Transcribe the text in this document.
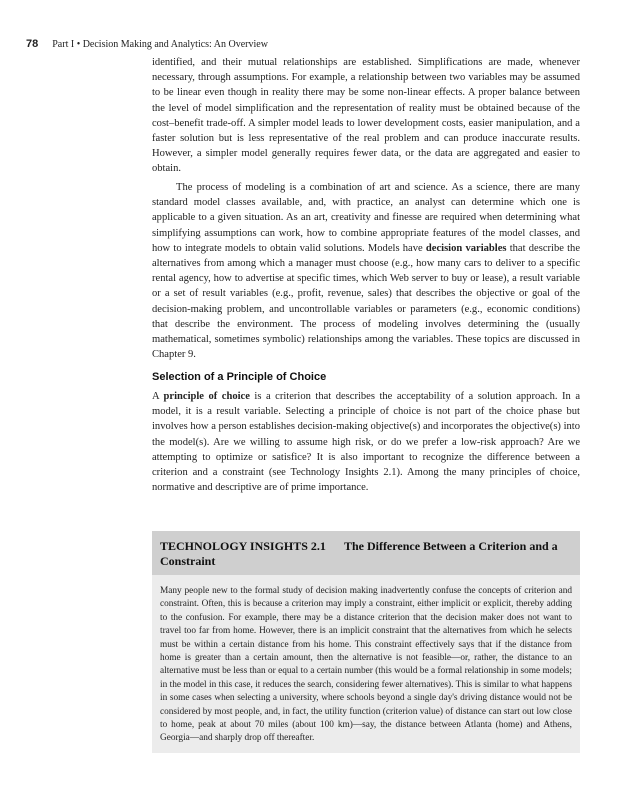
78 Part I • Decision Making and Analytics: An Overview

identified, and their mutual relationships are established. Simplifications are made, whenever necessary, through assumptions. For example, a relationship between two variables may be assumed to be linear even though in reality there may be some non-linear effects. A proper balance between the level of model simplification and the representation of reality must be obtained because of the cost–benefit trade-off. A simpler model leads to lower development costs, easier manipulation, and a faster solution but is less representative of the real problem and can produce inaccurate results. However, a simpler model generally requires fewer data, or the data are aggregated and easier to obtain.

The process of modeling is a combination of art and science. As a science, there are many standard model classes available, and, with practice, an analyst can determine which one is applicable to a given situation. As an art, creativity and finesse are required when determining what simplifying assumptions can work, how to combine appropriate features of the model classes, and how to integrate models to obtain valid solutions. Models have decision variables that describe the alternatives from among which a manager must choose (e.g., how many cars to deliver to a specific rental agency, how to advertise at specific times, which Web server to buy or lease), a result variable or a set of result variables (e.g., profit, revenue, sales) that describes the objective or goal of the decision-making problem, and uncontrollable variables or parameters (e.g., economic conditions) that describe the environment. The process of modeling involves determining the (usually mathematical, sometimes symbolic) relationships among the variables. These topics are discussed in Chapter 9.

Selection of a Principle of Choice

A principle of choice is a criterion that describes the acceptability of a solution approach. In a model, it is a result variable. Selecting a principle of choice is not part of the choice phase but involves how a person establishes decision-making objective(s) and incorporates the objective(s) into the model(s). Are we willing to assume high risk, or do we prefer a low-risk approach? Are we attempting to optimize or satisfice? It is also important to recognize the difference between a criterion and a constraint (see Technology Insights 2.1). Among the many principles of choice, normative and descriptive are of prime importance.

TECHNOLOGY INSIGHTS 2.1 The Difference Between a Criterion and a Constraint
Many people new to the formal study of decision making inadvertently confuse the concepts of criterion and constraint. Often, this is because a criterion may imply a constraint, either implicit or explicit, thereby adding to the confusion. For example, there may be a distance criterion that the decision maker does not want to travel too far from home. However, there is an implicit constraint that the alternatives from which he selects must be within a certain distance from his home. This constraint effectively says that if the distance from home is greater than a certain amount, then the alternative is not feasible—or, rather, the distance to an alternative must be less than or equal to a certain number (this would be a formal relationship in some models; in the model in this case, it reduces the search, considering fewer alternatives). This is similar to what happens in some cases when selecting a university, where schools beyond a single day's driving distance would not be considered by most people, and, in fact, the utility function (criterion value) of distance can start out low close to home, peak at about 70 miles (about 100 km)—say, the distance between Atlanta (home) and Athens, Georgia—and sharply drop off thereafter.
